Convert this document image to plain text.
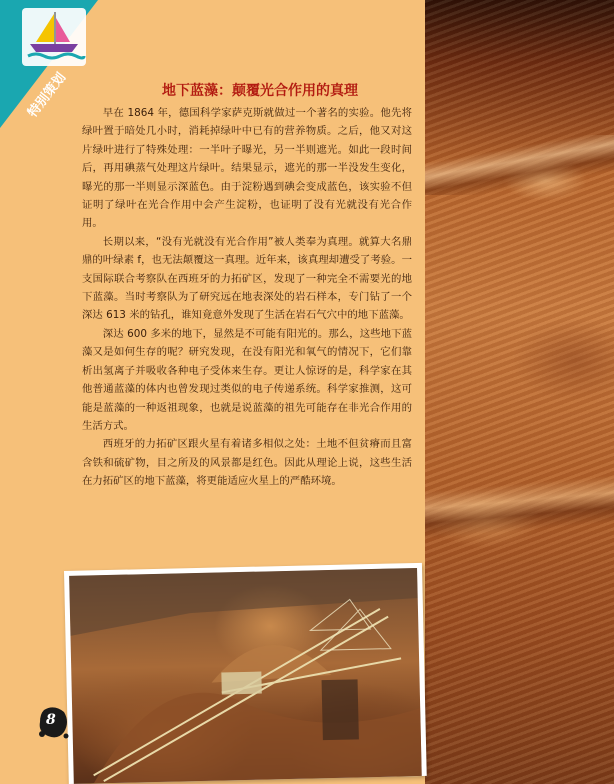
特别策划	地下蓝藻：颠覆光合作用的真理

早在 1864 年，德国科学家萨克斯就做过一个著名的实验。他先将绿叶置于暗处几小时，消耗掉绿叶中已有的营养物质。之后，他又对这片绿叶进行了特殊处理：一半叶子曝光，另一半则遮光。如此一段时间后，再用碘蒸气处理这片绿叶。结果显示，遮光的那一半没发生变化，曝光的那一半则显示深蓝色。由于淀粉遇到碘会变成蓝色，该实验不但证明了绿叶在光合作用中会产生淀粉，也证明了没有光就没有光合作用。

长期以来，“没有光就没有光合作用”被人类奉为真理。就算大名鼎鼎的叶绿素 f，也无法颠覆这一真理。近年来，该真理却遭受了考验。一支国际联合考察队在西班牙的力拓矿区，发现了一种完全不需要光的地下蓝藻。当时考察队为了研究远在地表深处的岩石样本，专门钻了一个深达 613 米的钻孔，谁知竟意外发现了生活在岩石气穴中的地下蓝藻。

深达 600 多米的地下，显然是不可能有阳光的。那么，这些地下蓝藻又是如何生存的呢？研究发现，在没有阳光和氧气的情况下，它们靠析出氢离子并吸收各种电子受体来生存。更让人惊讶的是，科学家在其他普通蓝藻的体内也曾发现过类似的电子传递系统。科学家推测，这可能是蓝藻的一种返祖现象，也就是说蓝藻的祖先可能存在非光合作用的生活方式。

西班牙的力拓矿区跟火星有着诸多相似之处：土地不但贫瘠而且富含铁和硫矿物，目之所及的风景都是红色。因此从理论上说，这些生活在力拓矿区的地下蓝藻，将更能适应火星上的严酷环境。

8
